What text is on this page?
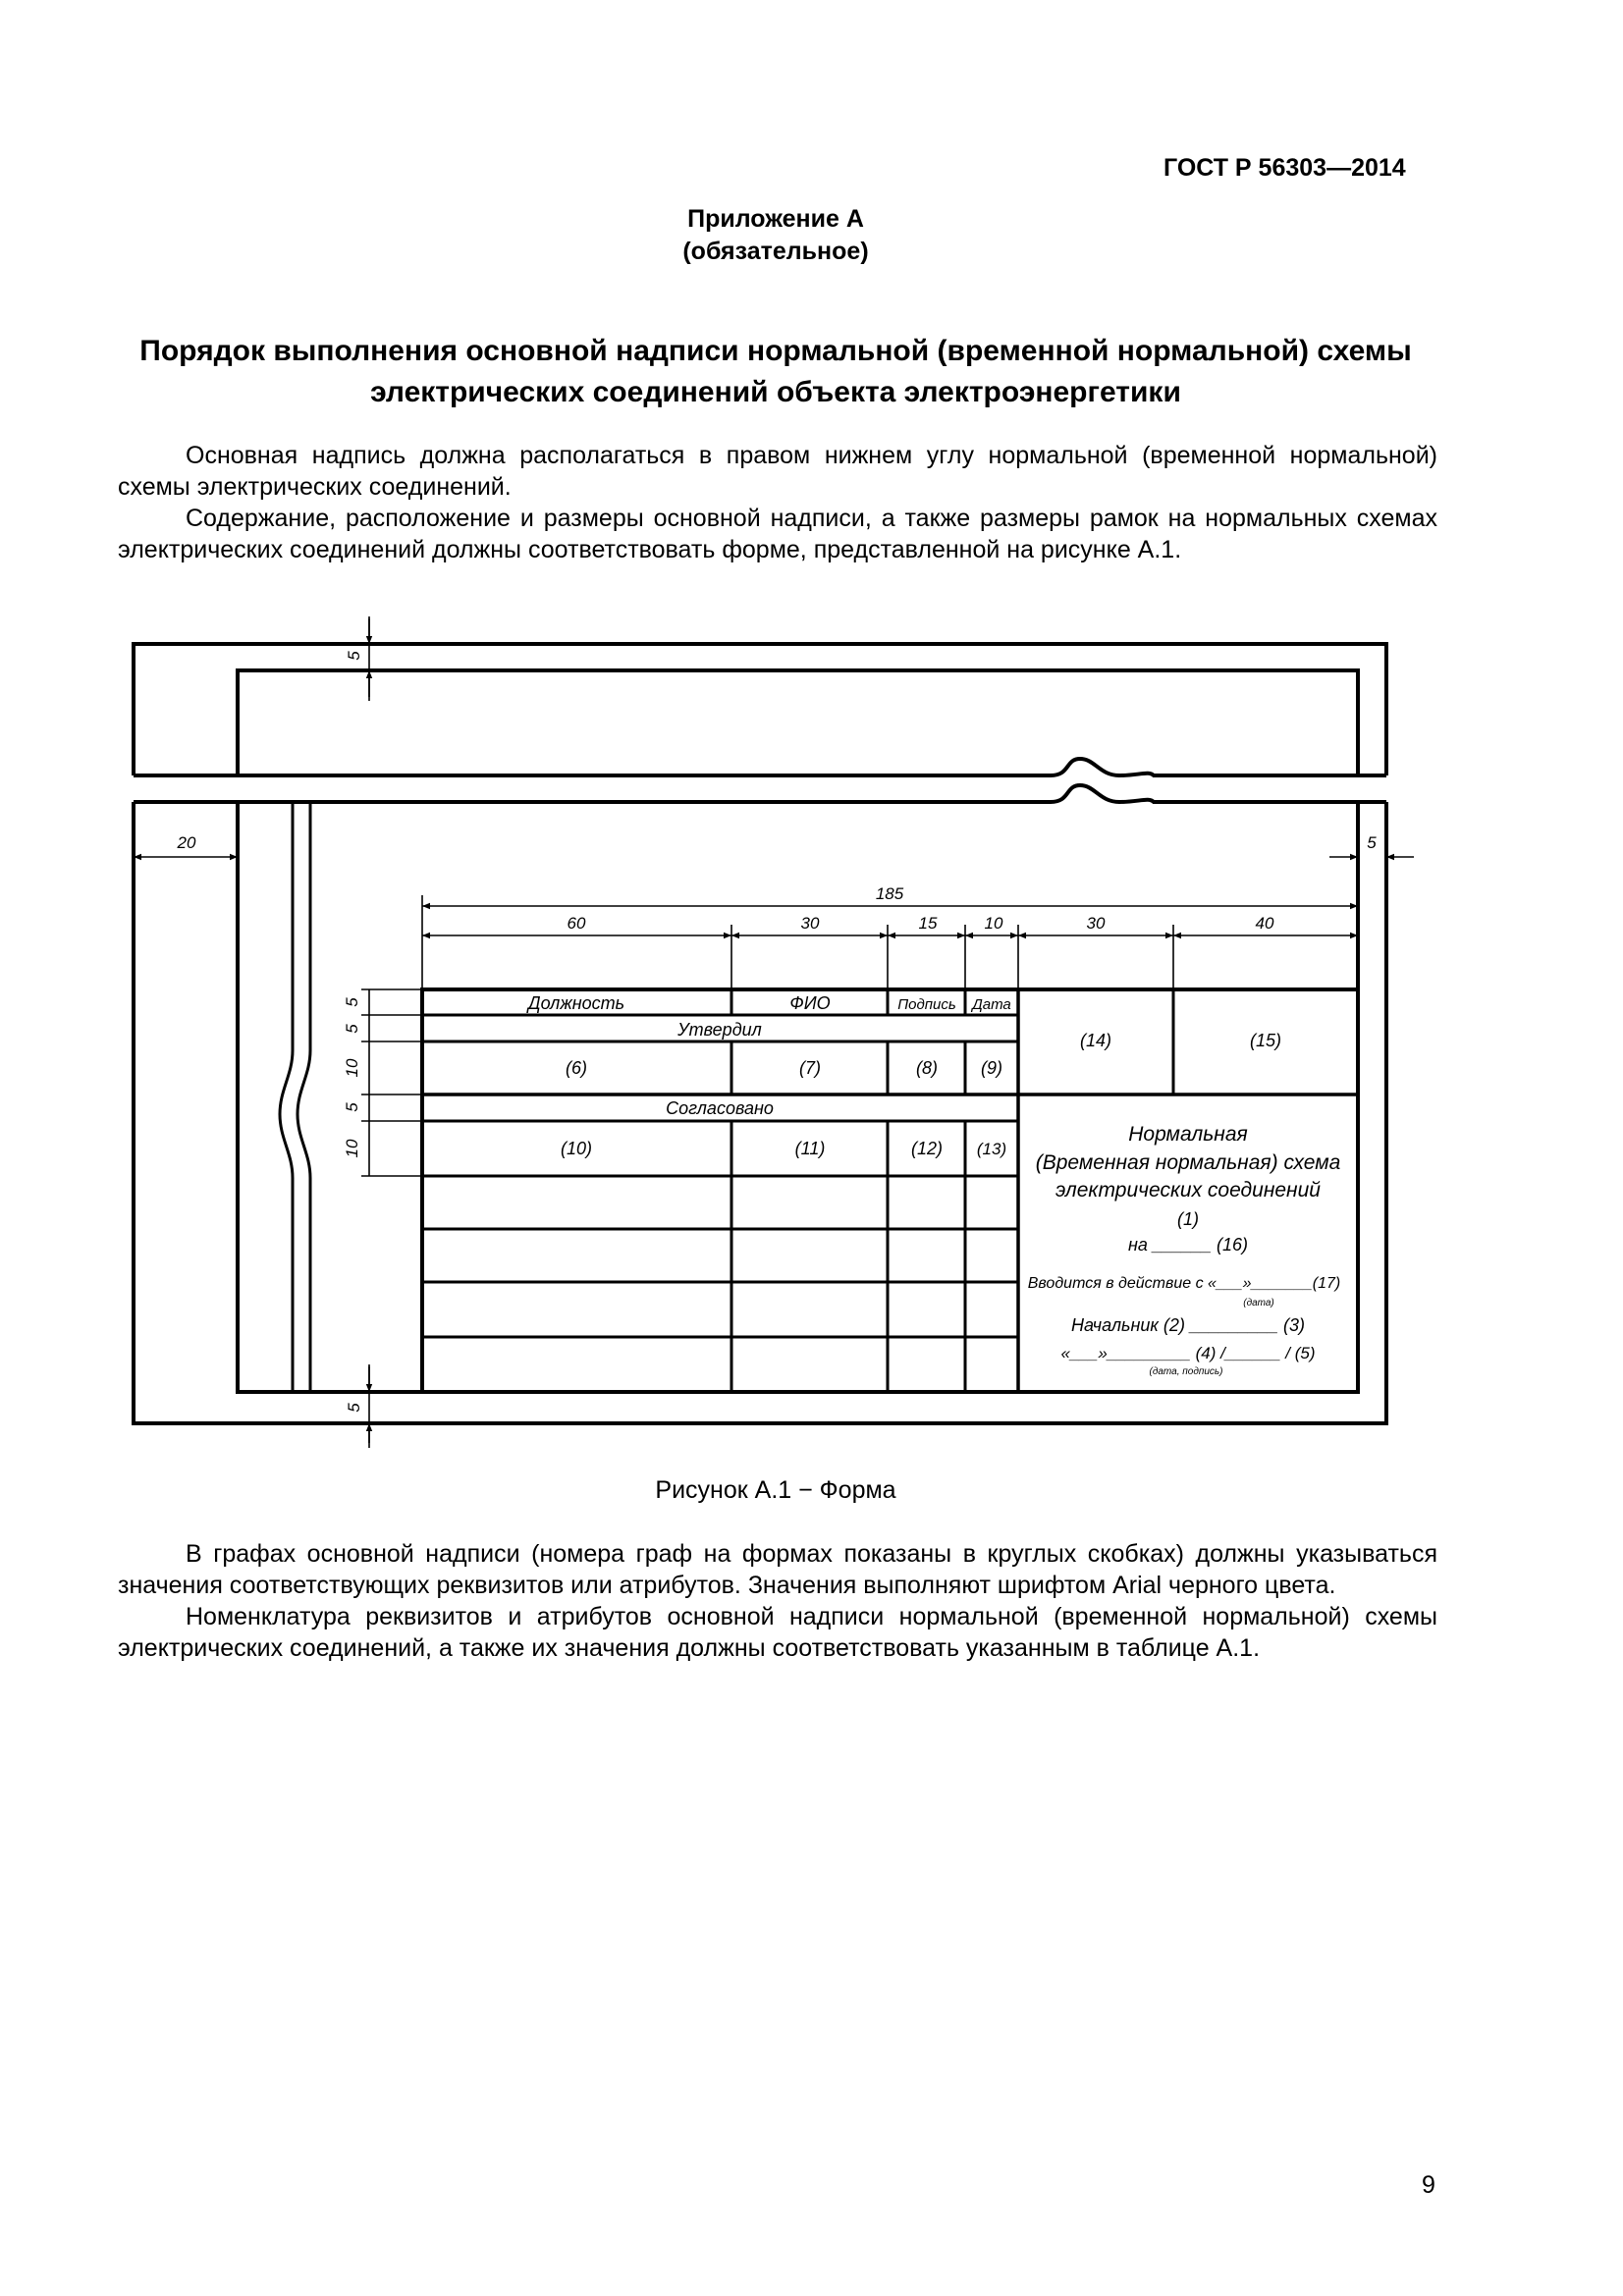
ГОСТ Р 56303—2014
Приложение А
(обязательное)
Порядок выполнения основной надписи нормальной (временной нормальной) схемы электрических соединений объекта электроэнергетики

Основная надпись должна располагаться в правом нижнем углу нормальной (временной нормальной) схемы электрических соединений.

Содержание, расположение и размеры основной надписи, а также размеры рамок на нормальных схемах электрических соединений должны соответствовать форме, представленной на рисунке А.1.

5
5
20	5
185
60	30	15	10	30	40
5
5
10
5
10
Должность	ФИО	Подпись Дата
Утвердил
(6)	(7)	(8) (9)
Согласовано
(10)	(11)	(12) (13)
(14)	(15)
Нормальная
(Временная нормальная) схема
электрических соединений
(1)
на ______ (16)
Вводится в действие с «___»_______(17)
(дата)
Начальник (2) _________ (3)
«___»_________ (4) /______ / (5)
(дата, подпись)
Рисунок А.1 − Форма

В графах основной надписи (номера граф на формах показаны в круглых скобках) должны указываться значения соответствующих реквизитов или атрибутов. Значения выполняют шрифтом Arial черного цвета.

Номенклатура реквизитов и атрибутов основной надписи нормальной (временной нормальной) схемы электрических соединений, а также их значения должны соответствовать указанным в таблице А.1.

9
